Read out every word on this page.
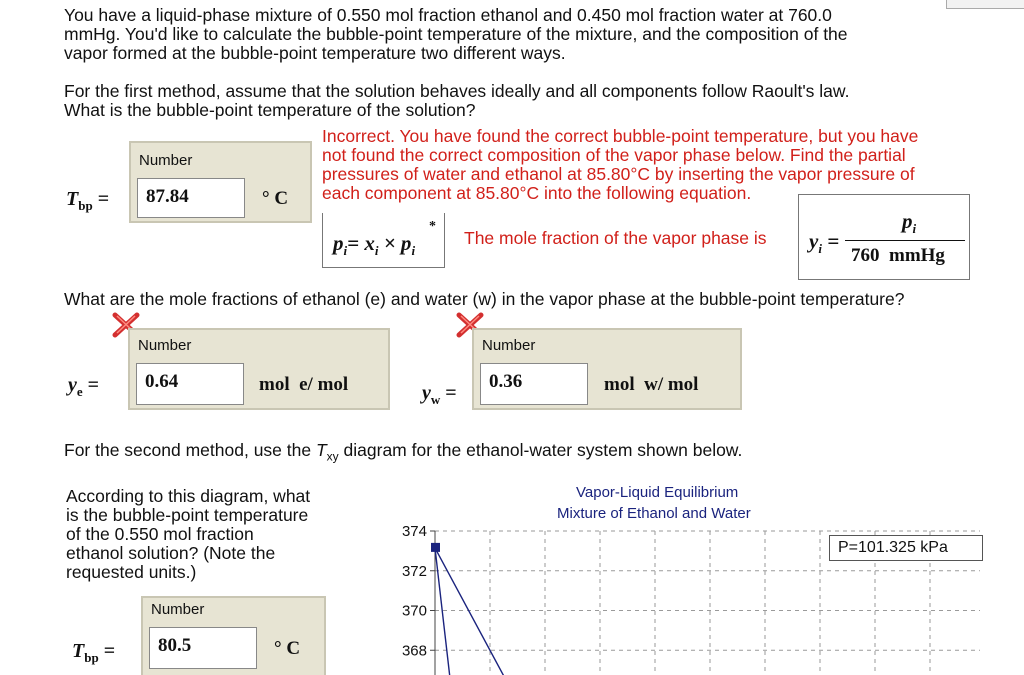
You have a liquid-phase mixture of 0.550 mol fraction ethanol and 0.450 mol fraction water at 760.0
mmHg. You'd like to calculate the bubble-point temperature of the mixture, and the composition of the
vapor formed at the bubble-point temperature two different ways.
For the first method, assume that the solution behaves ideally and all components follow Raoult's law.
What is the bubble-point temperature of the solution?
Number
87.84	° C
$T_{bp}$ =
Incorrect. You have found the correct bubble-point temperature, but you have
not found the correct composition of the vapor phase below. Find the partial
pressures of water and ethanol at 85.80°C by inserting the vapor pressure of
each component at 85.80°C into the following equation.
$p_i= x_i \times p_i$
*
The mole fraction of the vapor phase is $y_i$ =
$p_i$
760  mmHg
What are the mole fractions of ethanol (e) and water (w) in the vapor phase at the bubble-point temperature?
Number
0.64	mol  e/ mol
$y_e$ =
Number
0.36	mol  w/ mol
$y_w$ =
For the second method, use the $T_{xy}$ diagram for the ethanol-water system shown below.
According to this diagram, what
is the bubble-point temperature
of the 0.550 mol fraction
ethanol solution? (Note the
requested units.)
Number
80.5	° C
$T_{bp}$ =
Vapor-Liquid Equilibrium
Mixture of Ethanol and Water
374
372
370
368
P=101.325 kPa
